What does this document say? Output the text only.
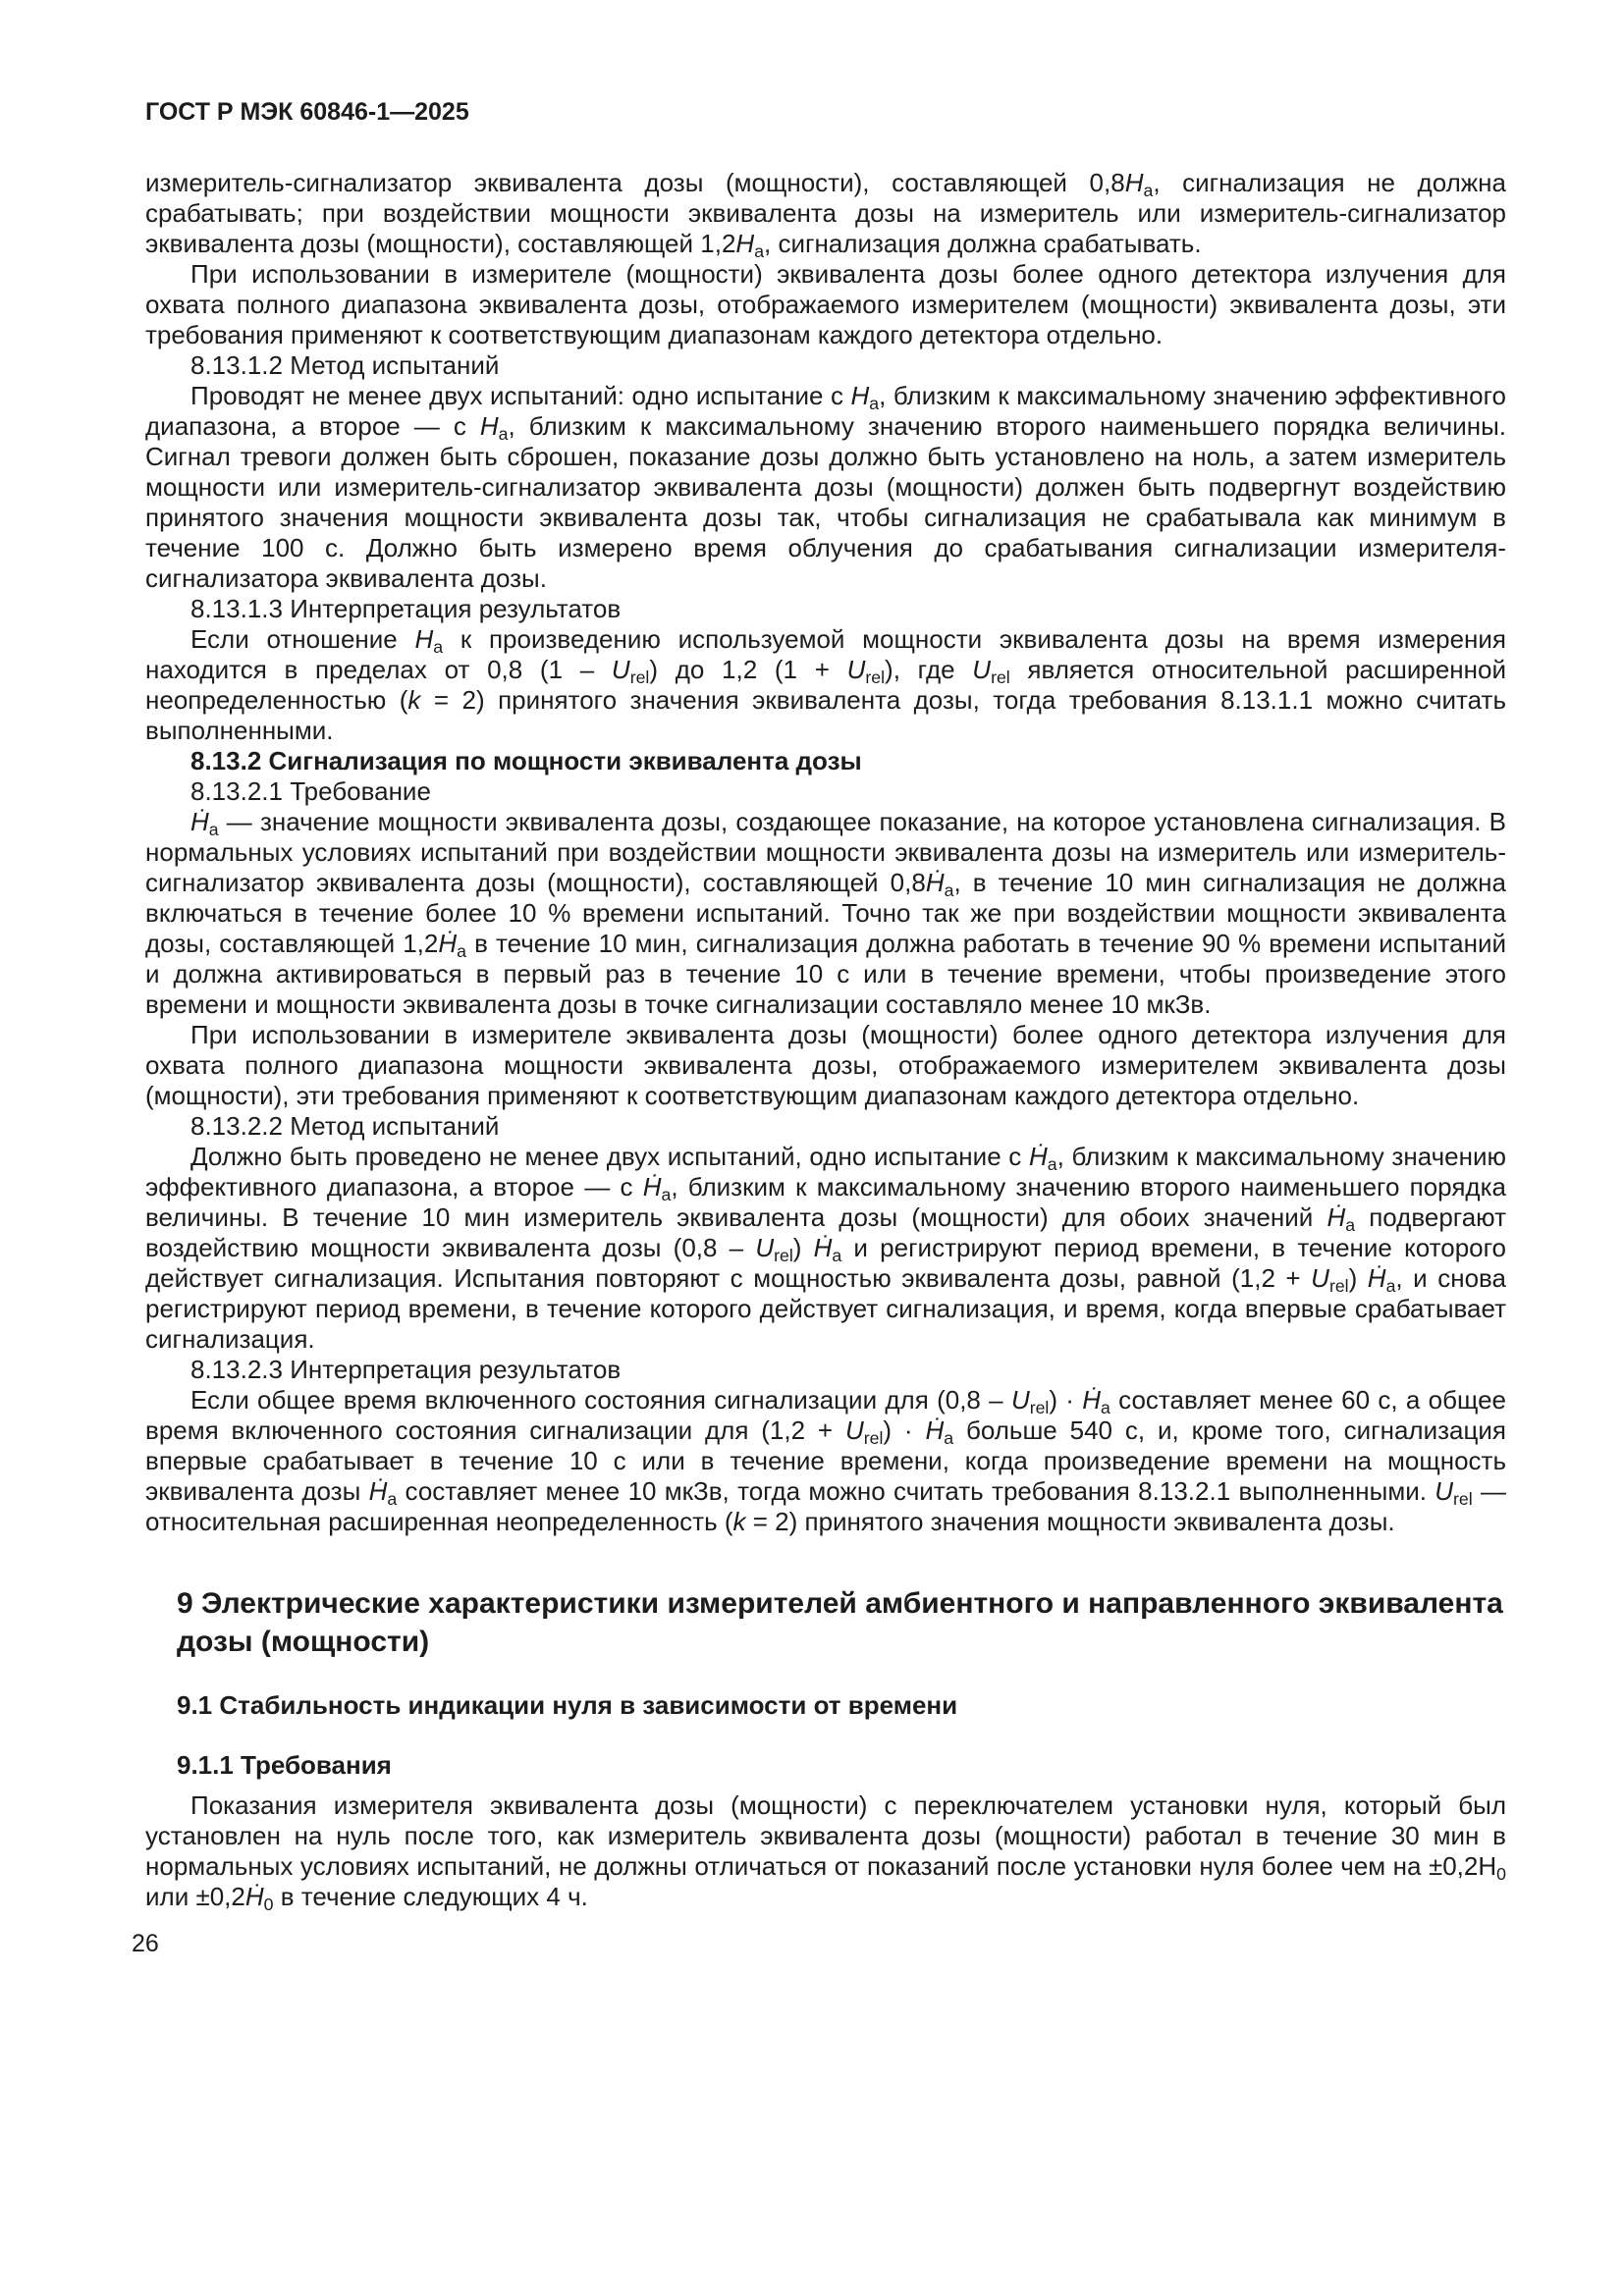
ГОСТ Р МЭК 60846-1—2025

измеритель-сигнализатор эквивалента дозы (мощности), составляющей $0,8H_а$, сигнализация не должна срабатывать; при воздействии мощности эквивалента дозы на измеритель или измеритель-сигнализатор эквивалента дозы (мощности), составляющей $1,2H_а$, сигнализация должна срабатывать.

При использовании в измерителе (мощности) эквивалента дозы более одного детектора излучения для охвата полного диапазона эквивалента дозы, отображаемого измерителем (мощности) эквивалента дозы, эти требования применяют к соответствующим диапазонам каждого детектора отдельно.

8.13.1.2 Метод испытаний

Проводят не менее двух испытаний: одно испытание с $H_а$, близким к максимальному значению эффективного диапазона, а второе — с $H_а$, близким к максимальному значению второго наименьшего порядка величины. Сигнал тревоги должен быть сброшен, показание дозы должно быть установлено на ноль, а затем измеритель мощности или измеритель-сигнализатор эквивалента дозы (мощности) должен быть подвергнут воздействию принятого значения мощности эквивалента дозы так, чтобы сигнализация не срабатывала как минимум в течение 100 с. Должно быть измерено время облучения до срабатывания сигнализации измерителя-сигнализатора эквивалента дозы.

8.13.1.3 Интерпретация результатов

Если отношение $H_а$ к произведению используемой мощности эквивалента дозы на время измерения находится в пределах от 0,8 $(1 - U_{rel})$ до 1,2 $(1 + U_{rel})$, где $U_{rel}$ является относительной расширенной неопределенностью (k = 2) принятого значения эквивалента дозы, тогда требования 8.13.1.1 можно считать выполненными.

8.13.2 Сигнализация по мощности эквивалента дозы

8.13.2.1 Требование

$Ḣ_а$ — значение мощности эквивалента дозы, создающее показание, на которое установлена сигнализация. В нормальных условиях испытаний при воздействии мощности эквивалента дозы на измеритель или измеритель-сигнализатор эквивалента дозы (мощности), составляющей $0,8Ḣ_а$, в течение 10 мин сигнализация не должна включаться в течение более 10 % времени испытаний. Точно так же при воздействии мощности эквивалента дозы, составляющей $1,2Ḣ_а$ в течение 10 мин, сигнализация должна работать в течение 90 % времени испытаний и должна активироваться в первый раз в течение 10 с или в течение времени, чтобы произведение этого времени и мощности эквивалента дозы в точке сигнализации составляло менее 10 мкЗв.

При использовании в измерителе эквивалента дозы (мощности) более одного детектора излучения для охвата полного диапазона мощности эквивалента дозы, отображаемого измерителем эквивалента дозы (мощности), эти требования применяют к соответствующим диапазонам каждого детектора отдельно.

8.13.2.2 Метод испытаний

Должно быть проведено не менее двух испытаний, одно испытание с $Ḣ_а$, близким к максимальному значению эффективного диапазона, а второе — с $Ḣ_а$, близким к максимальному значению второго наименьшего порядка величины. В течение 10 мин измеритель эквивалента дозы (мощности) для обоих значений $Ḣ_а$ подвергают воздействию мощности эквивалента дозы $(0,8 - U_{rel})$ $Ḣ_а$ и регистрируют период времени, в течение которого действует сигнализация. Испытания повторяют с мощностью эквивалента дозы, равной $(1,2 + U_{rel})$ $Ḣ_а$, и снова регистрируют период времени, в течение которого действует сигнализация, и время, когда впервые срабатывает сигнализация.

8.13.2.3 Интерпретация результатов

Если общее время включенного состояния сигнализации для $(0,8 - U_{rel})$ · $Ḣ_а$ составляет менее 60 с, а общее время включенного состояния сигнализации для $(1,2 + U_{rel})$ · $Ḣ_а$ больше 540 с, и, кроме того, сигнализация впервые срабатывает в течение 10 с или в течение времени, когда произведение времени на мощность эквивалента дозы $Ḣ_а$ составляет менее 10 мкЗв, тогда можно считать требования 8.13.2.1 выполненными. $U_{rel}$ — относительная расширенная неопределенность (k = 2) принятого значения мощности эквивалента дозы.

9 Электрические характеристики измерителей амбиентного и направленного эквивалента дозы (мощности)

9.1 Стабильность индикации нуля в зависимости от времени

9.1.1 Требования

Показания измерителя эквивалента дозы (мощности) с переключателем установки нуля, который был установлен на нуль после того, как измеритель эквивалента дозы (мощности) работал в течение 30 мин в нормальных условиях испытаний, не должны отличаться от показаний после установки нуля более чем на $\pm 0,2H_0$ или $\pm 0,2Ḣ_0$ в течение следующих 4 ч.

26
